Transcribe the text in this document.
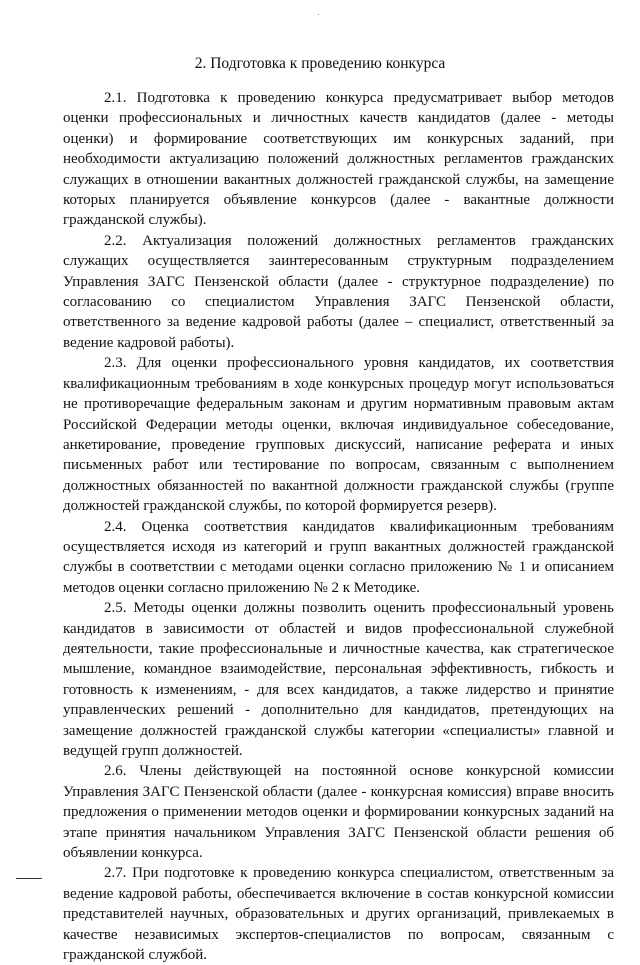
2. Подготовка к проведению конкурса

2.1. Подготовка к проведению конкурса предусматривает выбор методов оценки профессиональных и личностных качеств кандидатов (далее - методы оценки) и формирование соответствующих им конкурсных заданий, при необходимости актуализацию положений должностных регламентов гражданских служащих в отношении вакантных должностей гражданской службы, на замещение которых планируется объявление конкурсов (далее - вакантные должности гражданской службы).

2.2. Актуализация положений должностных регламентов гражданских служащих осуществляется заинтересованным структурным подразделением Управления ЗАГС Пензенской области (далее - структурное подразделение) по согласованию со специалистом Управления ЗАГС Пензенской области, ответственного за ведение кадровой работы (далее – специалист, ответственный за ведение кадровой работы).

2.3. Для оценки профессионального уровня кандидатов, их соответствия квалификационным требованиям в ходе конкурсных процедур могут использоваться не противоречащие федеральным законам и другим нормативным правовым актам Российской Федерации методы оценки, включая индивидуальное собеседование, анкетирование, проведение групповых дискуссий, написание реферата и иных письменных работ или тестирование по вопросам, связанным с выполнением должностных обязанностей по вакантной должности гражданской службы (группе должностей гражданской службы, по которой формируется резерв).

2.4. Оценка соответствия кандидатов квалификационным требованиям осуществляется исходя из категорий и групп вакантных должностей гражданской службы в соответствии с методами оценки согласно приложению № 1 и описанием методов оценки согласно приложению № 2 к Методике.

2.5. Методы оценки должны позволить оценить профессиональный уровень кандидатов в зависимости от областей и видов профессиональной служебной деятельности, такие профессиональные и личностные качества, как стратегическое мышление, командное взаимодействие, персональная эффективность, гибкость и готовность к изменениям, - для всех кандидатов, а также лидерство и принятие управленческих решений - дополнительно для кандидатов, претендующих на замещение должностей гражданской службы категории «специалисты» главной и ведущей групп должностей.

2.6. Члены действующей на постоянной основе конкурсной комиссии Управления ЗАГС Пензенской области (далее - конкурсная комиссия) вправе вносить предложения о применении методов оценки и формировании конкурсных заданий на этапе принятия начальником Управления ЗАГС Пензенской области решения об объявлении конкурса.

2.7. При подготовке к проведению конкурса специалистом, ответственным за ведение кадровой работы, обеспечивается включение в состав конкурсной комиссии представителей научных, образовательных и других организаций, привлекаемых в качестве независимых экспертов-специалистов по вопросам, связанным с гражданской службой.
